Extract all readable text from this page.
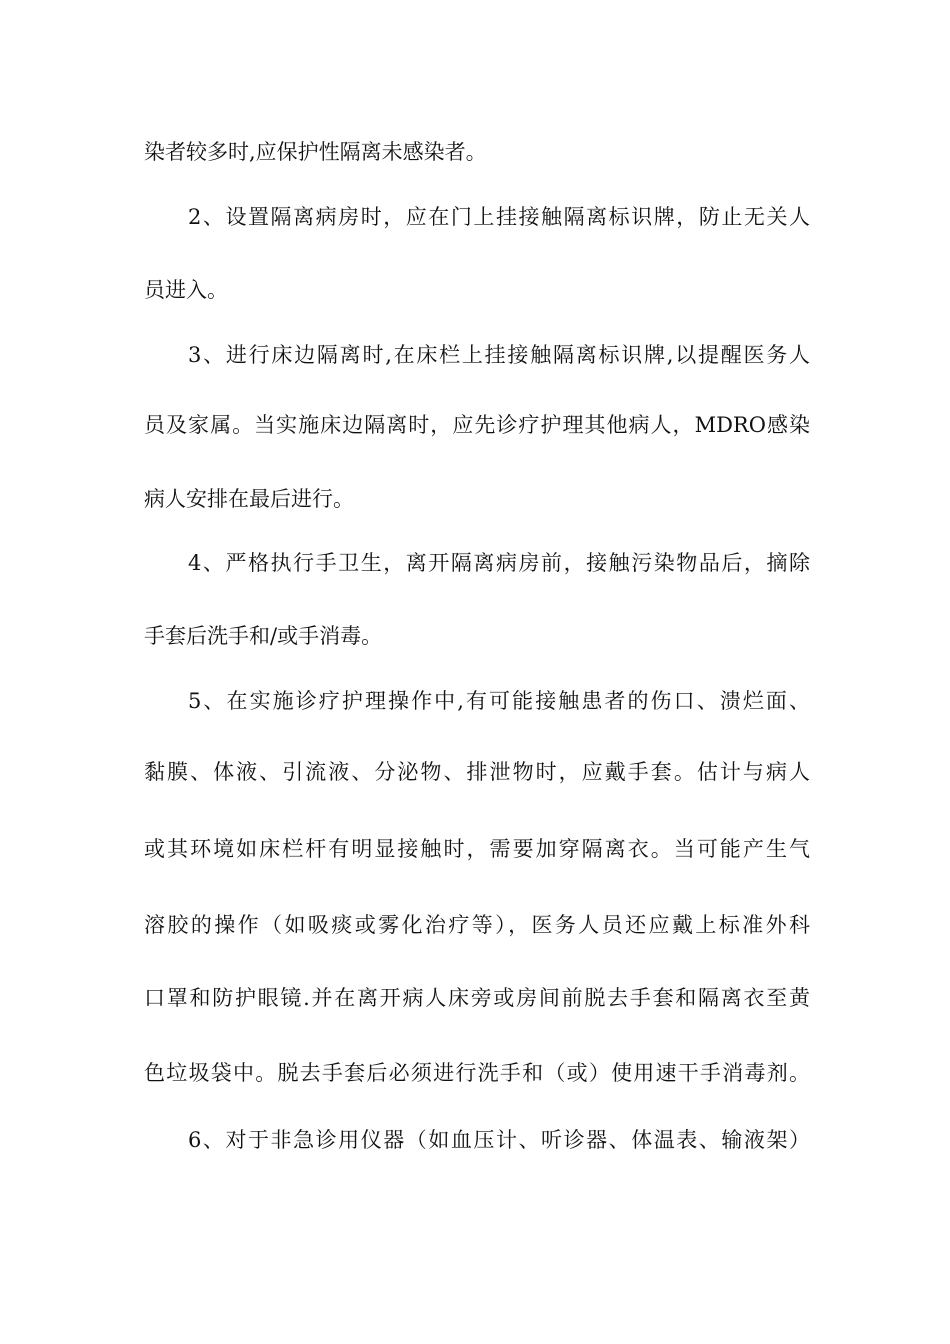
染者较多时,应保护性隔离未感染者。
2、设置隔离病房时，应在门上挂接触隔离标识牌，防止无关人
员进入。
3、进行床边隔离时,在床栏上挂接触隔离标识牌,以提醒医务人
员及家属。当实施床边隔离时，应先诊疗护理其他病人，MDRO感染
病人安排在最后进行。
4、严格执行手卫生，离开隔离病房前，接触污染物品后，摘除
手套后洗手和/或手消毒。
5、在实施诊疗护理操作中,有可能接触患者的伤口、溃烂面、
黏膜、体液、引流液、分泌物、排泄物时，应戴手套。估计与病人
或其环境如床栏杆有明显接触时，需要加穿隔离衣。当可能产生气
溶胶的操作（如吸痰或雾化治疗等），医务人员还应戴上标准外科
口罩和防护眼镜.并在离开病人床旁或房间前脱去手套和隔离衣至黄
色垃圾袋中。脱去手套后必须进行洗手和（或）使用速干手消毒剂。
6、对于非急诊用仪器（如血压计、听诊器、体温表、输液架）
